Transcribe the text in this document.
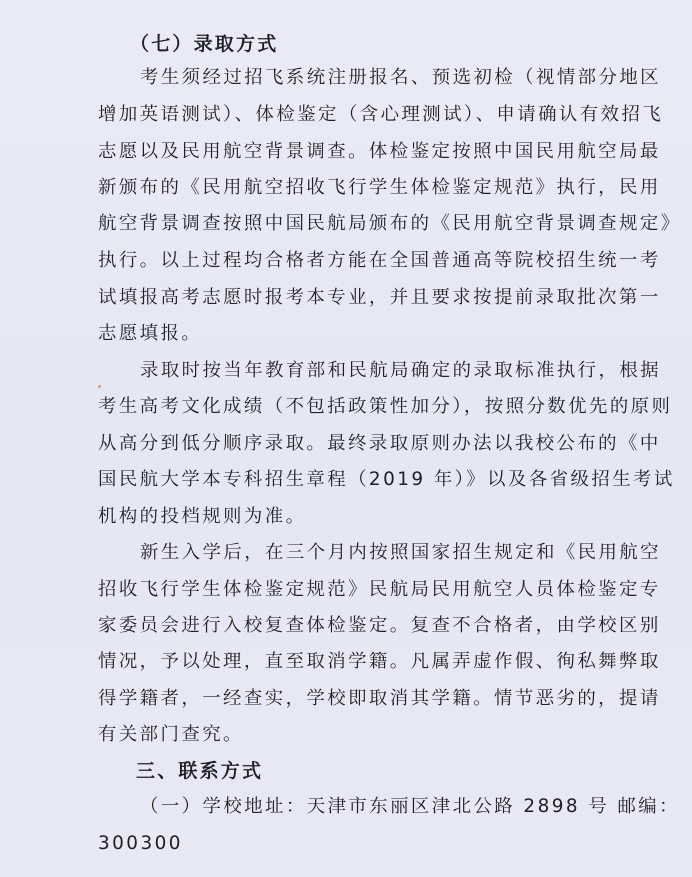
（七）录取方式
考生须经过招飞系统注册报名、预选初检（视情部分地区
增加英语测试）、体检鉴定（含心理测试）、申请确认有效招飞
志愿以及民用航空背景调查。体检鉴定按照中国民用航空局最
新颁布的《民用航空招收飞行学生体检鉴定规范》执行，民用
航空背景调查按照中国民航局颁布的《民用航空背景调查规定》
执行。以上过程均合格者方能在全国普通高等院校招生统一考
试填报高考志愿时报考本专业，并且要求按提前录取批次第一
志愿填报。
录取时按当年教育部和民航局确定的录取标准执行，根据
考生高考文化成绩（不包括政策性加分），按照分数优先的原则
从高分到低分顺序录取。最终录取原则办法以我校公布的《中
国民航大学本专科招生章程（2019 年）》以及各省级招生考试
机构的投档规则为准。
新生入学后，在三个月内按照国家招生规定和《民用航空
招收飞行学生体检鉴定规范》民航局民用航空人员体检鉴定专
家委员会进行入校复查体检鉴定。复查不合格者，由学校区别
情况，予以处理，直至取消学籍。凡属弄虚作假、徇私舞弊取
得学籍者，一经查实，学校即取消其学籍。情节恶劣的，提请
有关部门查究。
三、联系方式
（一）学校地址：天津市东丽区津北公路 2898 号 邮编：
300300
